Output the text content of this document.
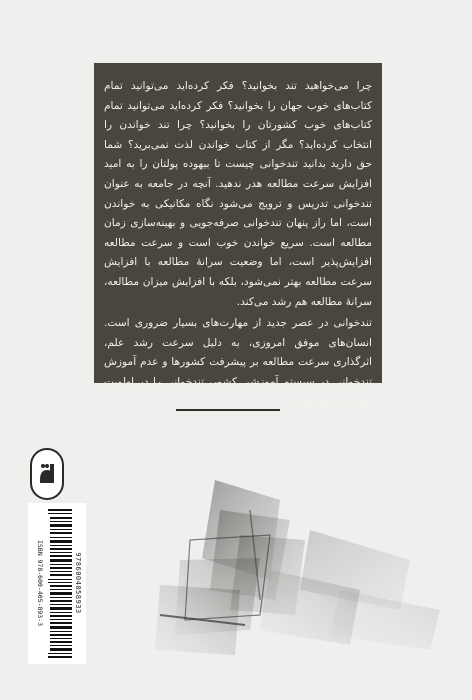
چرا می‌خواهید تند بخوانید؟ فکر کرده‌اید می‌توانید تمام کتاب‌های خوب جهان را بخوانید؟ فکر کرده‌اید می‌توانید تمام کتاب‌های خوب کشورتان را بخوانید؟ چرا تند خواندن را انتخاب کرده‌اید؟ مگر از کتاب خواندن لذت نمی‌برید؟ شما حق دارید بدانید تندخوانی چیست تا بیهوده پولتان را به امید افزایش سرعت مطالعه هدر ندهید. آنچه در جامعه به عنوان تندخوانی تدریس و ترویج می‌شود نگاه مکانیکی به خواندن است، اما راز پنهان تندخوانی صرفه‌جویی و بهینه‌سازی زمان مطالعه است. سریع خواندن خوب است و سرعت مطالعه افزایش‌پذیر است، اما وضعیت سرانهٔ مطالعه با افزایش سرعت مطالعه بهتر نمی‌شود، بلکه با افزایش میزان مطالعه، سرانهٔ مطالعه هم رشد می‌کند.

تندخوانی در عصر جدید از مهارت‌های بسیار ضروری است. انسان‌های موفق امروزی، به دلیل سرعت رشد علم، اثرگذاری سرعت مطالعه بر پیشرفت کشورها و عدم آموزش تندخوانی در سیستم آموزشی کشور، تندخوانی را در اولویت خود قرار می‌دهند.

ISBN 978-600-405-893-3	9786004058933
